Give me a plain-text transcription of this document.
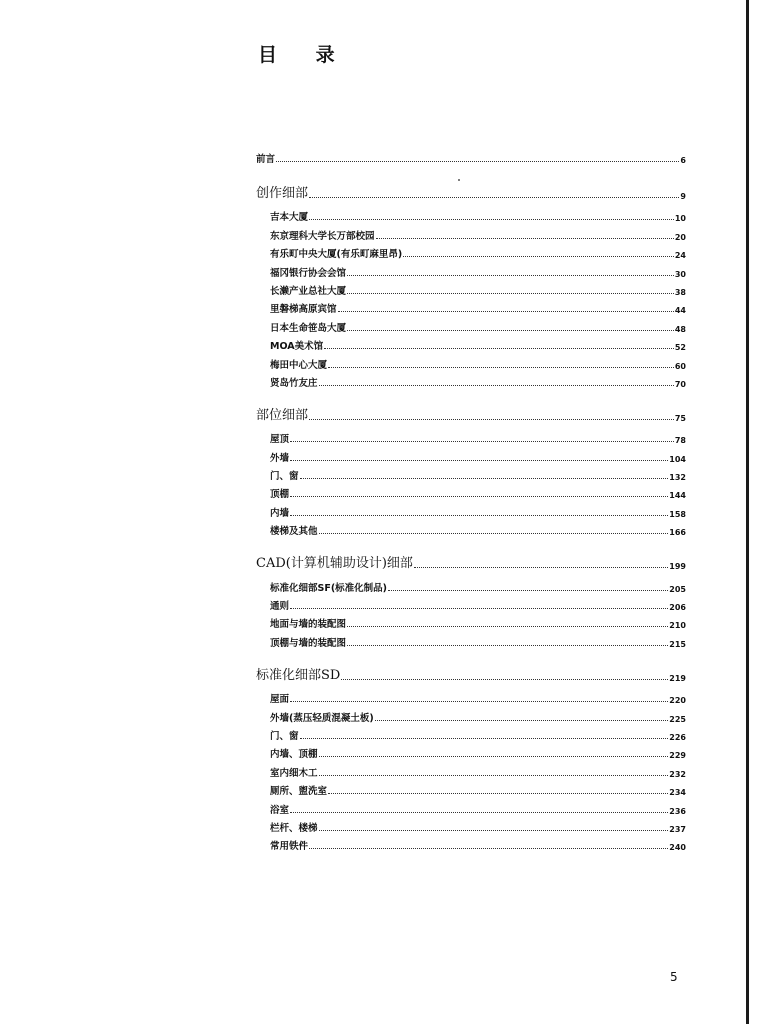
目 录
前言	6
创作细部	9
吉本大厦	10
东京理科大学长万部校园	20
有乐町中央大厦(有乐町麻里昂)	24
福冈银行协会会馆	30
长濑产业总社大厦	38
里磐梯高原宾馆	44
日本生命笹岛大厦	48
MOA美术馆	52
梅田中心大厦	60
贤岛竹友庄	70
部位细部	75
屋顶	78
外墙	104
门、窗	132
顶棚	144
内墙	158
楼梯及其他	166
CAD(计算机辅助设计)细部	199
标准化细部SF(标准化制品)	205
通则	206
地面与墙的装配图	210
顶棚与墙的装配图	215
标准化细部SD	219
屋面	220
外墙(蒸压轻质混凝土板)	225
门、窗	226
内墙、顶棚	229
室内细木工	232
厕所、盥洗室	234
浴室	236
栏杆、楼梯	237
常用铁件	240
5
